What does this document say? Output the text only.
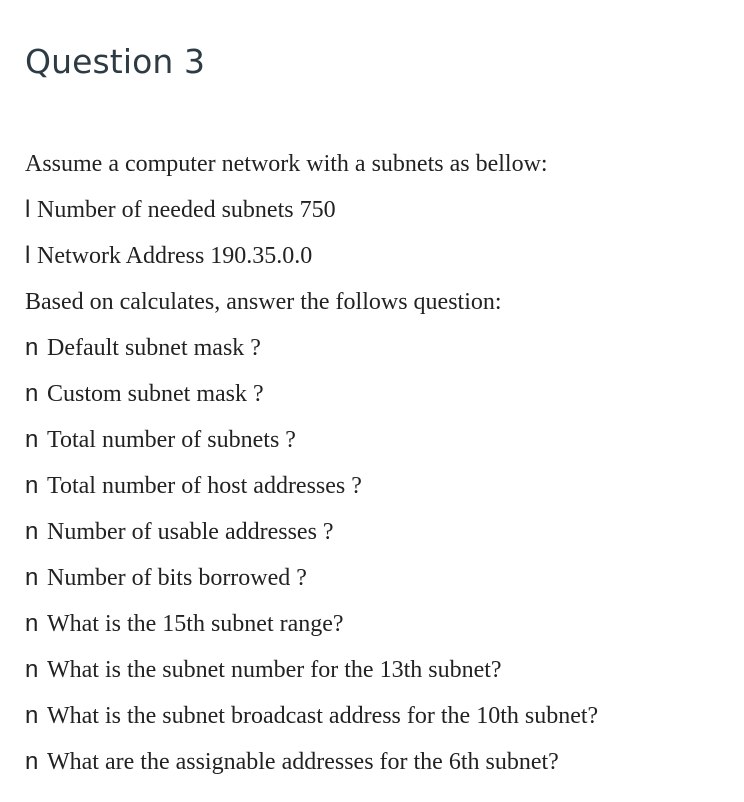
Question 3
Assume a computer network with a subnets as bellow:
l Number of needed subnets 750
l Network Address 190.35.0.0
Based on calculates, answer the follows question:
n Default subnet mask ?
n Custom subnet mask ?
n Total number of subnets ?
n Total number of host addresses ?
n Number of usable addresses ?
n Number of bits borrowed ?
n What is the 15th subnet range?
n What is the subnet number for the 13th subnet?
n What is the subnet broadcast address for the 10th subnet?
n What are the assignable addresses for the 6th subnet?
